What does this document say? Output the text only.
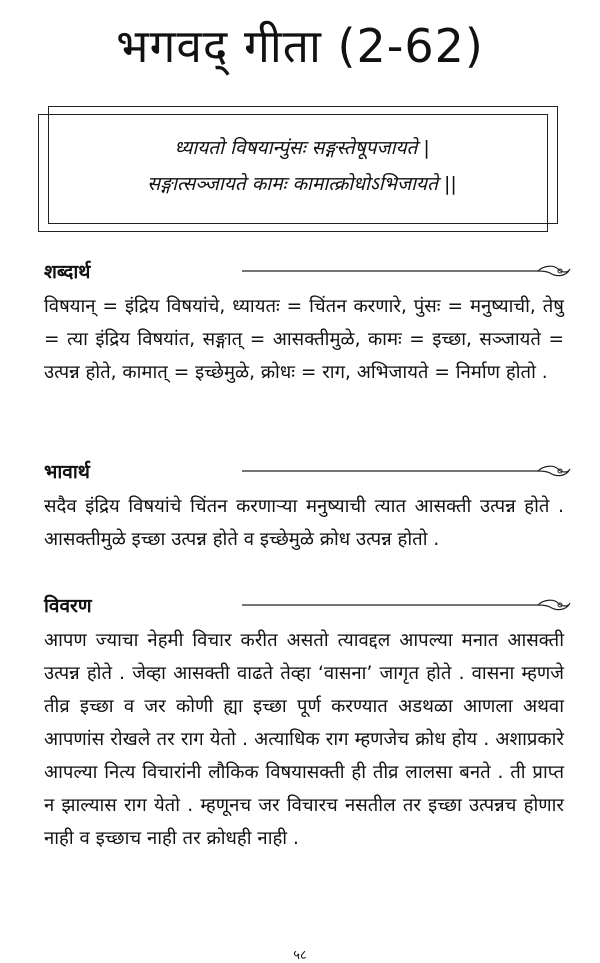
भगवद् गीता (2-62)
ध्यायतो विषयान्पुंसः सङ्गस्तेषूपजायते |
सङ्गात्सञ्जायते कामः कामात्क्रोधोऽभिजायते ||
शब्दार्थ
विषयान् = इंद्रिय विषयांचे, ध्यायतः = चिंतन करणारे, पुंसः = मनुष्याची, तेषु = त्या इंद्रिय विषयांत, सङ्गात् = आसक्तीमुळे, कामः = इच्छा, सञ्जायते = उत्पन्न होते, कामात् = इच्छेमुळे, क्रोधः = राग, अभिजायते = निर्माण होतो .
भावार्थ
सदैव इंद्रिय विषयांचे चिंतन करणाऱ्या मनुष्याची त्यात आसक्ती उत्पन्न होते . आसक्तीमुळे इच्छा उत्पन्न होते व इच्छेमुळे क्रोध उत्पन्न होतो .
विवरण
आपण ज्याचा नेहमी विचार करीत असतो त्यावद्दल आपल्या मनात आसक्ती उत्पन्न होते . जेव्हा आसक्ती वाढते तेव्हा ‘वासना’ जागृत होते . वासना म्हणजे तीव्र इच्छा व जर कोणी ह्या इच्छा पूर्ण करण्यात अडथळा आणला अथवा आपणांस रोखले तर राग येतो . अत्याधिक राग म्हणजेच क्रोध होय . अशाप्रकारे आपल्या नित्य विचारांनी लौकिक विषयासक्ती ही तीव्र लालसा बनते . ती प्राप्त न झाल्यास राग येतो . म्हणूनच जर विचारच नसतील तर इच्छा उत्पन्नच होणार नाही व इच्छाच नाही तर क्रोधही नाही .
५८
